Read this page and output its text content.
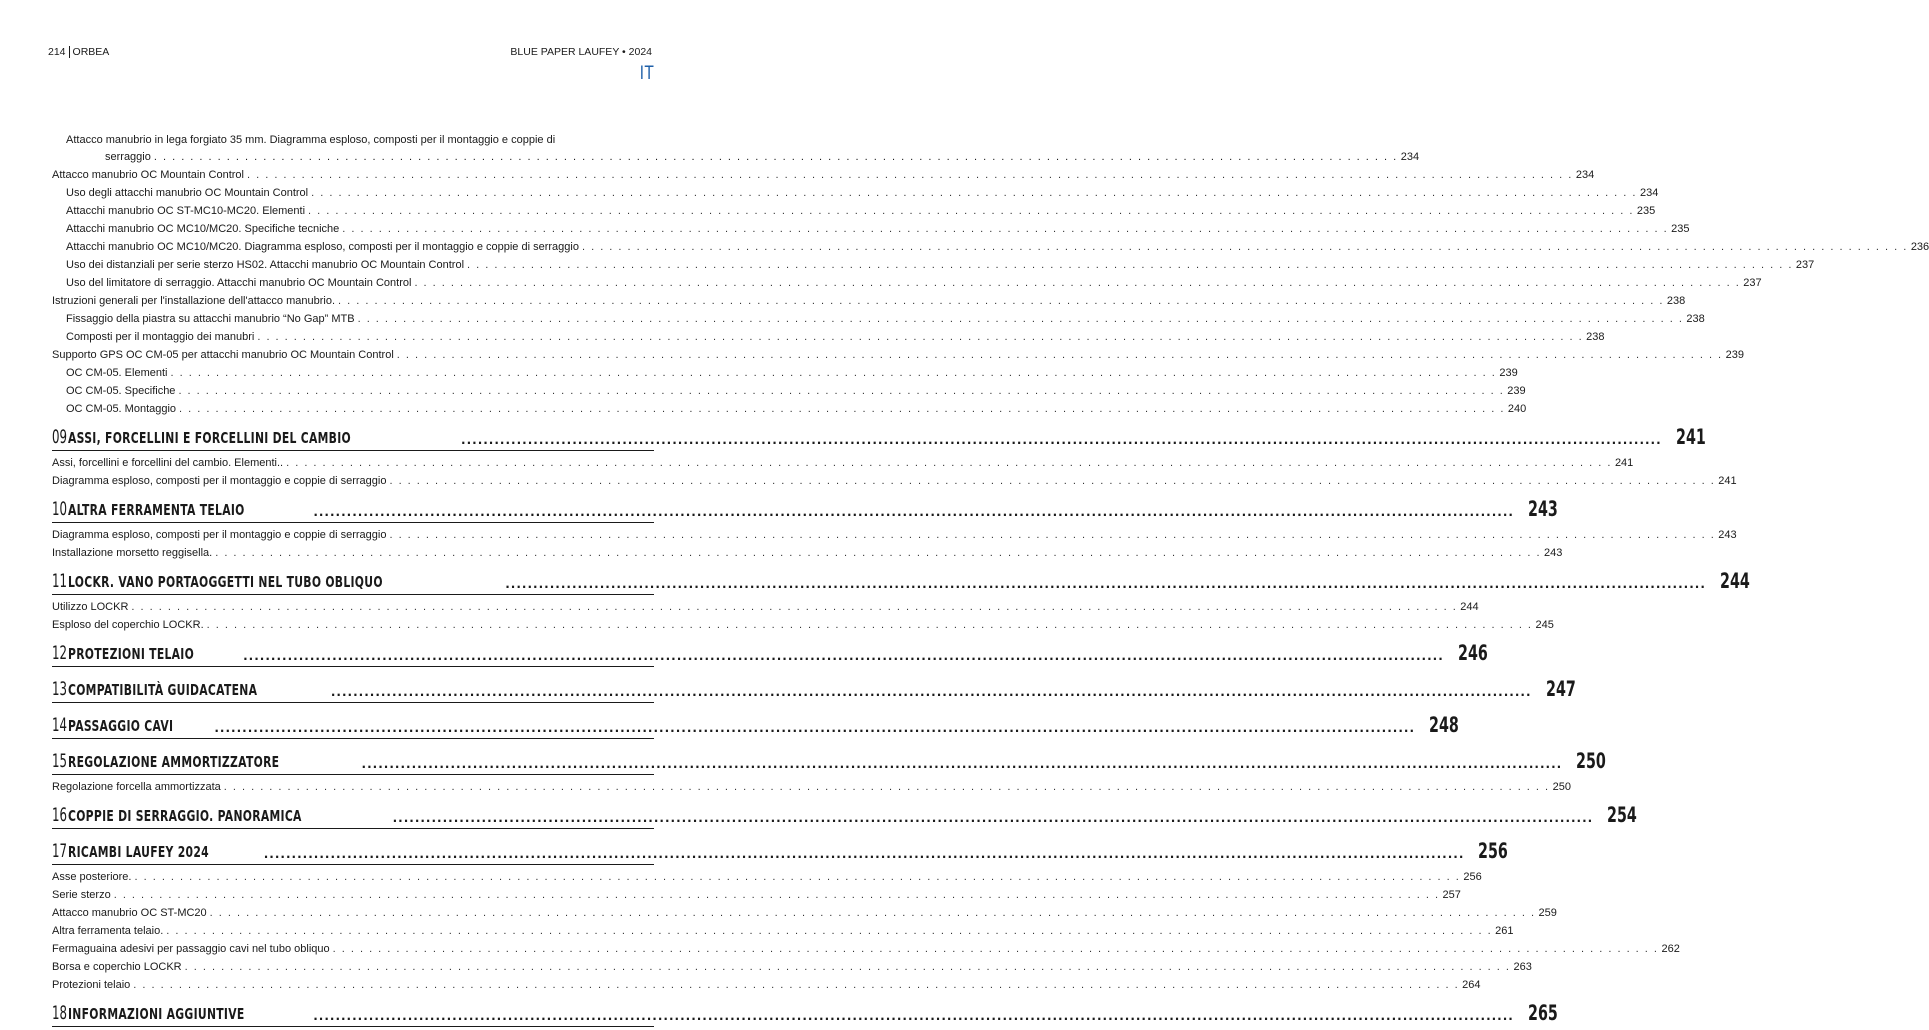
214 ORBEA	BLUE PAPER LAUFEY • 2024
IT
Attacco manubrio in lega forgiato 35 mm. Diagramma esploso, composti per il montaggio e coppie di
serraggio . . .	234
Attacco manubrio OC Mountain Control . . .	234
Uso degli attacchi manubrio OC Mountain Control . . .	234
Attacchi manubrio OC ST-MC10-MC20. Elementi . . .	235
Attacchi manubrio OC MC10/MC20. Specifiche tecniche . . .	235
Attacchi manubrio OC MC10/MC20. Diagramma esploso, composti per il montaggio e coppie di serraggio . . .	236
Uso dei distanziali per serie sterzo HS02. Attacchi manubrio OC Mountain Control . . .	237
Uso del limitatore di serraggio. Attacchi manubrio OC Mountain Control . . .	237
Istruzioni generali per l'installazione dell'attacco manubrio. . . .	238
Fissaggio della piastra su attacchi manubrio “No Gap” MTB . . .	238
Composti per il montaggio dei manubri . . .	238
Supporto GPS OC CM-05 per attacchi manubrio OC Mountain Control . . .	239
OC CM-05. Elementi . . .	239
OC CM-05. Specifiche . . .	239
OC CM-05. Montaggio . . .	240
09 ASSI, FORCELLINI E FORCELLINI DEL CAMBIO .....	241
Assi, forcellini e forcellini del cambio. Elementi.. . . .	241
Diagramma esploso, composti per il montaggio e coppie di serraggio . . .	241
10 ALTRA FERRAMENTA TELAIO .....	243
Diagramma esploso, composti per il montaggio e coppie di serraggio . . .	243
Installazione morsetto reggisella. . . .	243
11 LOCKR. VANO PORTAOGGETTI NEL TUBO OBLIQUO .....	244
Utilizzo LOCKR . . .	244
Esploso del coperchio LOCKR. . . .	245
12 PROTEZIONI TELAIO .....	246
13 COMPATIBILITÀ GUIDACATENA .....	247
14 PASSAGGIO CAVI .....	248
15 REGOLAZIONE AMMORTIZZATORE .....	250
Regolazione forcella ammortizzata . . .	250
16 COPPIE DI SERRAGGIO. PANORAMICA .....	254
17 RICAMBI LAUFEY 2024 .....	256
Asse posteriore. . . .	256
Serie sterzo . . .	257
Attacco manubrio OC ST-MC20 . . .	259
Altra ferramenta telaio. . . .	261
Fermaguaina adesivi per passaggio cavi nel tubo obliquo . . .	262
Borsa e coperchio LOCKR . . .	263
Protezioni telaio . . .	264
18 INFORMAZIONI AGGIUNTIVE .....	265
